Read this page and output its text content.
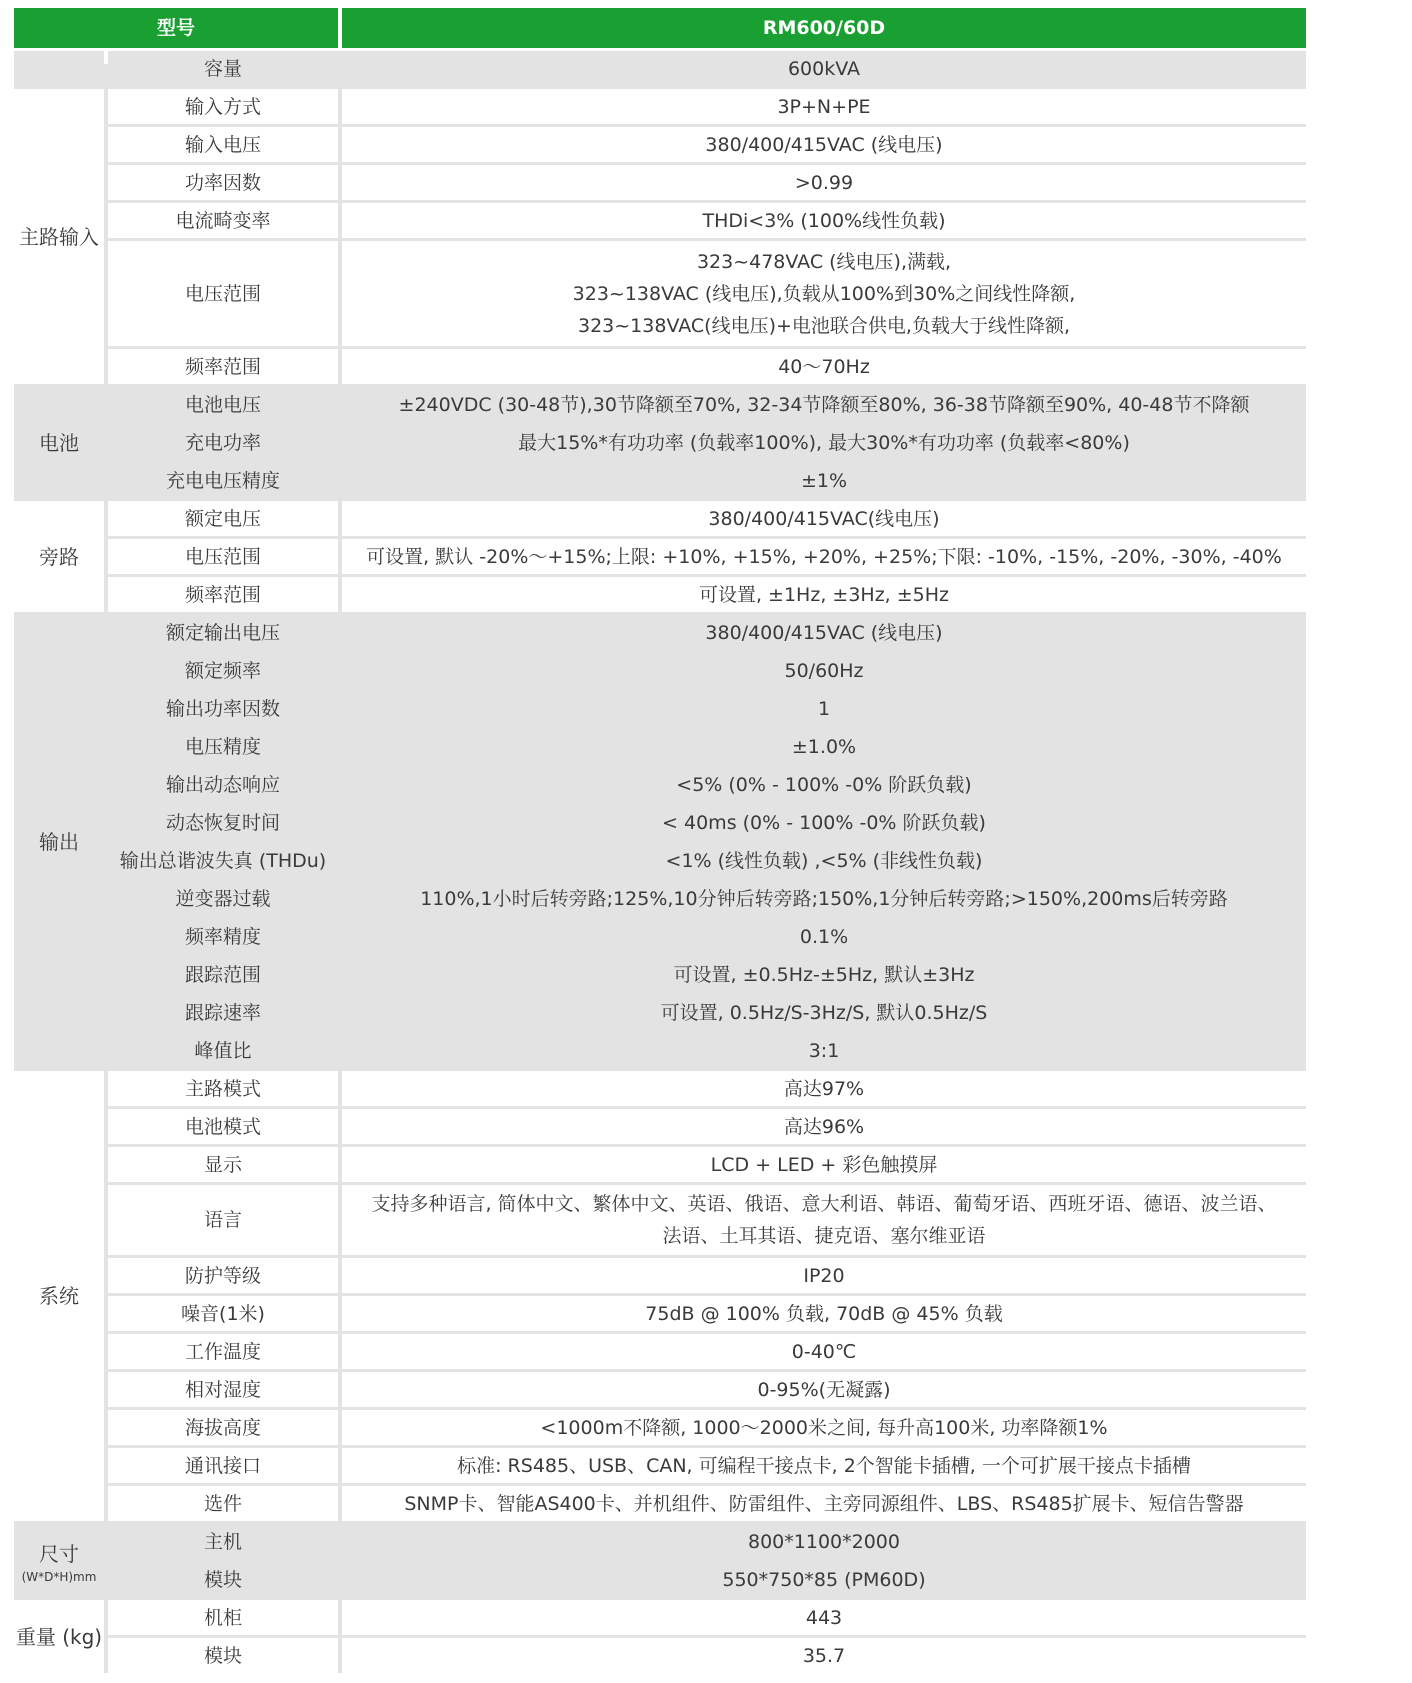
型号	RM600/60D
容量	600kVA
主路输入
输入方式	3P+N+PE
输入电压	380/400/415VAC (线电压)
功率因数	>0.99
电流畸变率	THDi<3% (100%线性负载)
电压范围
323~478VAC (线电压),满载,
323~138VAC (线电压),负载从100%到30%之间线性降额,
323~138VAC(线电压)+电池联合供电,负载大于线性降额,
频率范围	40～70Hz
电池
电池电压	±240VDC (30-48节),30节降额至70%, 32-34节降额至80%, 36-38节降额至90%, 40-48节不降额
充电功率	最大15%*有功功率 (负载率100%), 最大30%*有功功率 (负载率<80%)
充电电压精度	±1%
旁路
额定电压	380/400/415VAC(线电压)
电压范围	可设置, 默认 -20%～+15%;上限: +10%, +15%, +20%, +25%;下限: -10%, -15%, -20%, -30%, -40%
频率范围	可设置, ±1Hz, ±3Hz, ±5Hz
输出
额定输出电压	380/400/415VAC (线电压)
额定频率	50/60Hz
输出功率因数	1
电压精度	±1.0%
输出动态响应	<5% (0% - 100% -0% 阶跃负载)
动态恢复时间	< 40ms (0% - 100% -0% 阶跃负载)
输出总谐波失真 (THDu)	<1% (线性负载) ,<5% (非线性负载)
逆变器过载	110%,1小时后转旁路;125%,10分钟后转旁路;150%,1分钟后转旁路;>150%,200ms后转旁路
频率精度	0.1%
跟踪范围	可设置, ±0.5Hz-±5Hz, 默认±3Hz
跟踪速率	可设置, 0.5Hz/S-3Hz/S, 默认0.5Hz/S
峰值比	3:1
系统
主路模式	高达97%
电池模式	高达96%
显示	LCD + LED + 彩色触摸屏
语言
支持多种语言, 简体中文、繁体中文、英语、俄语、意大利语、韩语、葡萄牙语、西班牙语、德语、波兰语、
法语、土耳其语、捷克语、塞尔维亚语
防护等级	IP20
噪音(1米)	75dB @ 100% 负载, 70dB @ 45% 负载
工作温度	0-40℃
相对湿度	0-95%(无凝露)
海拔高度	<1000m不降额, 1000～2000米之间, 每升高100米, 功率降额1%
通讯接口	标准: RS485、USB、CAN, 可编程干接点卡, 2个智能卡插槽, 一个可扩展干接点卡插槽
选件	SNMP卡、智能AS400卡、并机组件、防雷组件、主旁同源组件、LBS、RS485扩展卡、短信告警器
尺寸
(W*D*H)mm
主机	800*1100*2000
模块	550*750*85 (PM60D)
重量 (kg)
机柜	443
模块	35.7
